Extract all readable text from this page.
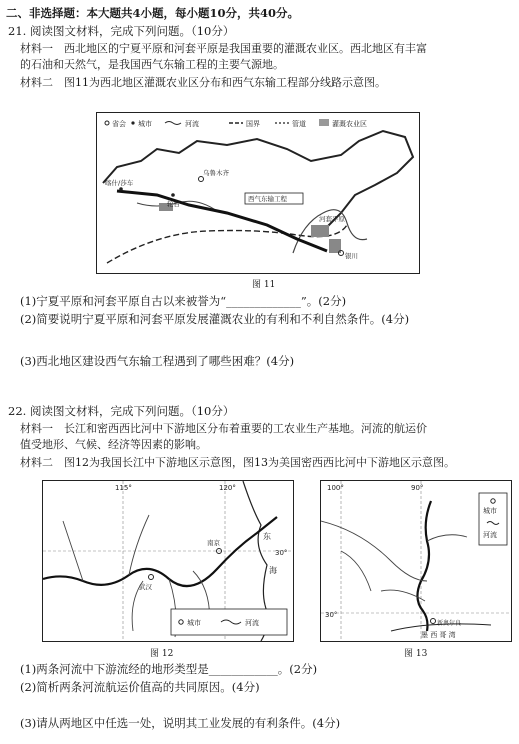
二、非选择题：本大题共4小题，每小题10分，共40分。
21. 阅读图文材料，完成下列问题。（10分）
材料一　西北地区的宁夏平原和河套平原是我国重要的灌溉农业区。西北地区有丰富
的石油和天然气，是我国西气东输工程的主要气源地。
材料二　图11为西北地区灌溉农业区分布和西气东输工程部分线路示意图。
省会 城市	河流	国界	管道	灌溉农业区
喀什/莎车
乌鲁木齐
轮台
银川
河套平原
西气东输工程
图 11
(1)宁夏平原和河套平原自古以来被誉为“_____________”。(2分)
(2)简要说明宁夏平原和河套平原发展灌溉农业的有利和不利自然条件。(4分)
(3)西北地区建设西气东输工程遇到了哪些困难？(4分)
22. 阅读图文材料，完成下列问题。（10分）
材料一　长江和密西西比河中下游地区分布着重要的工农业生产基地。河流的航运价
值受地形、气候、经济等因素的影响。
材料二　图12为我国长江中下游地区示意图，图13为美国密西西比河中下游地区示意图。
115°	120°
30°
东
海
武汉
南京
城市	河流
图 12
100°	90°
30°
新奥尔良
墨 西 哥 湾
城市
河流
图 13
(1)两条河流中下游流经的地形类型是____________。(2分)
(2)简析两条河流航运价值高的共同原因。(4分)
(3)请从两地区中任选一处，说明其工业发展的有利条件。(4分)
